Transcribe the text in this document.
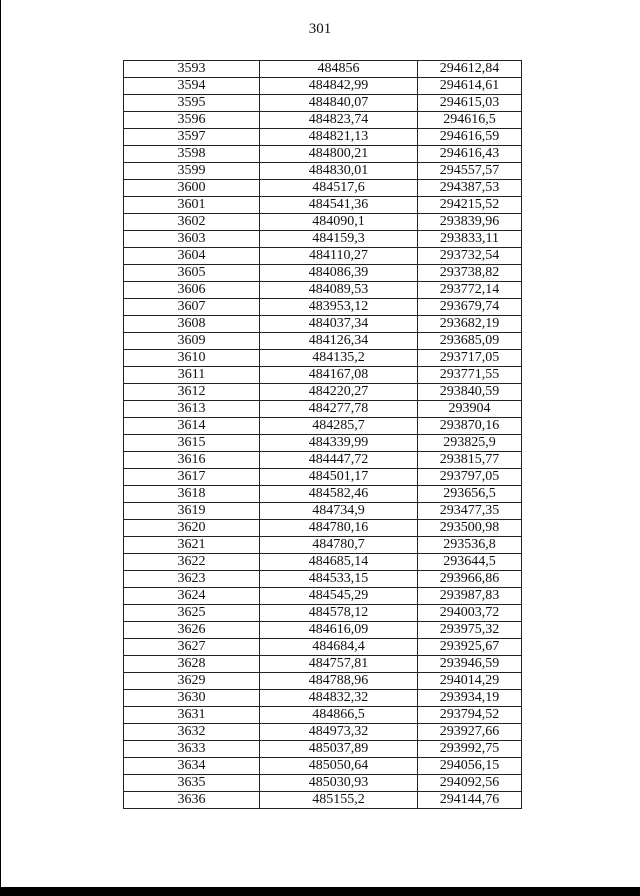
301
3593	484856	294612,84
3594	484842,99	294614,61
3595	484840,07	294615,03
3596	484823,74	294616,5
3597	484821,13	294616,59
3598	484800,21	294616,43
3599	484830,01	294557,57
3600	484517,6	294387,53
3601	484541,36	294215,52
3602	484090,1	293839,96
3603	484159,3	293833,11
3604	484110,27	293732,54
3605	484086,39	293738,82
3606	484089,53	293772,14
3607	483953,12	293679,74
3608	484037,34	293682,19
3609	484126,34	293685,09
3610	484135,2	293717,05
3611	484167,08	293771,55
3612	484220,27	293840,59
3613	484277,78	293904
3614	484285,7	293870,16
3615	484339,99	293825,9
3616	484447,72	293815,77
3617	484501,17	293797,05
3618	484582,46	293656,5
3619	484734,9	293477,35
3620	484780,16	293500,98
3621	484780,7	293536,8
3622	484685,14	293644,5
3623	484533,15	293966,86
3624	484545,29	293987,83
3625	484578,12	294003,72
3626	484616,09	293975,32
3627	484684,4	293925,67
3628	484757,81	293946,59
3629	484788,96	294014,29
3630	484832,32	293934,19
3631	484866,5	293794,52
3632	484973,32	293927,66
3633	485037,89	293992,75
3634	485050,64	294056,15
3635	485030,93	294092,56
3636	485155,2	294144,76
